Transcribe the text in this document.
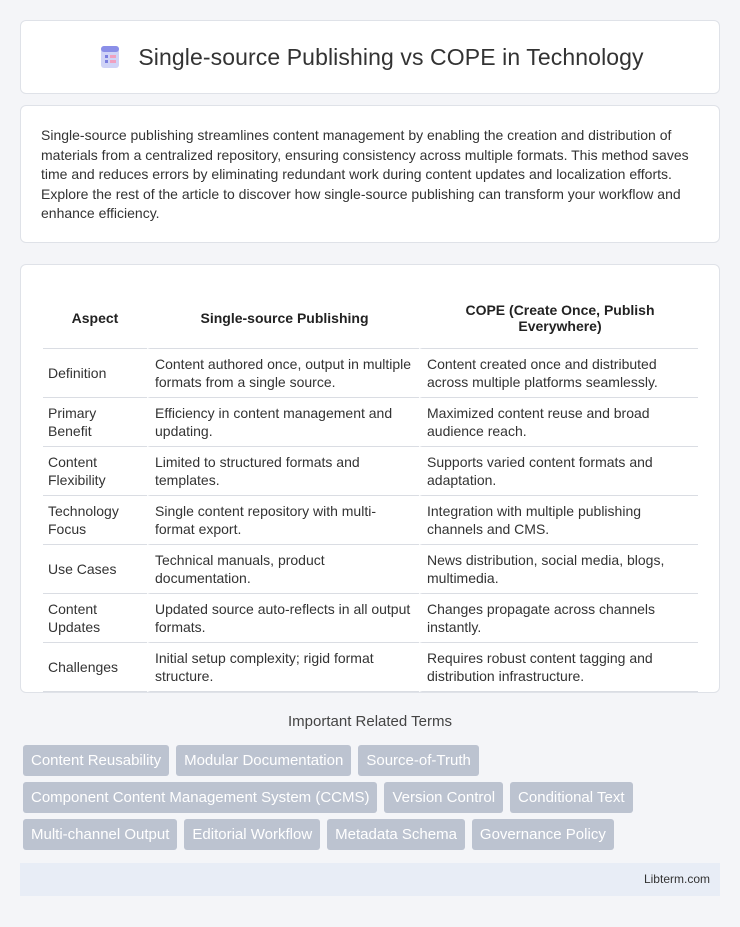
Single-source Publishing vs COPE in Technology

Single-source publishing streamlines content management by enabling the creation and distribution of materials from a centralized repository, ensuring consistency across multiple formats. This method saves time and reduces errors by eliminating redundant work during content updates and localization efforts. Explore the rest of the article to discover how single-source publishing can transform your workflow and enhance efficiency.

Aspect	Single-source Publishing	COPE (Create Once, Publish Everywhere)
Definition	Content authored once, output in multiple formats from a single source.	Content created once and distributed across multiple platforms seamlessly.
Primary Benefit	Efficiency in content management and updating.	Maximized content reuse and broad audience reach.
Content Flexibility	Limited to structured formats and templates.	Supports varied content formats and adaptation.
Technology Focus	Single content repository with multi-format export.	Integration with multiple publishing channels and CMS.
Use Cases	Technical manuals, product documentation.	News distribution, social media, blogs, multimedia.
Content Updates	Updated source auto-reflects in all output formats.	Changes propagate across channels instantly.
Challenges	Initial setup complexity; rigid format structure.	Requires robust content tagging and distribution infrastructure.
Important Related Terms
Content Reusability	Modular Documentation	Source-of-Truth
Component Content Management System (CCMS)	Version Control	Conditional Text
Multi-channel Output	Editorial Workflow	Metadata Schema	Governance Policy
Libterm.com
